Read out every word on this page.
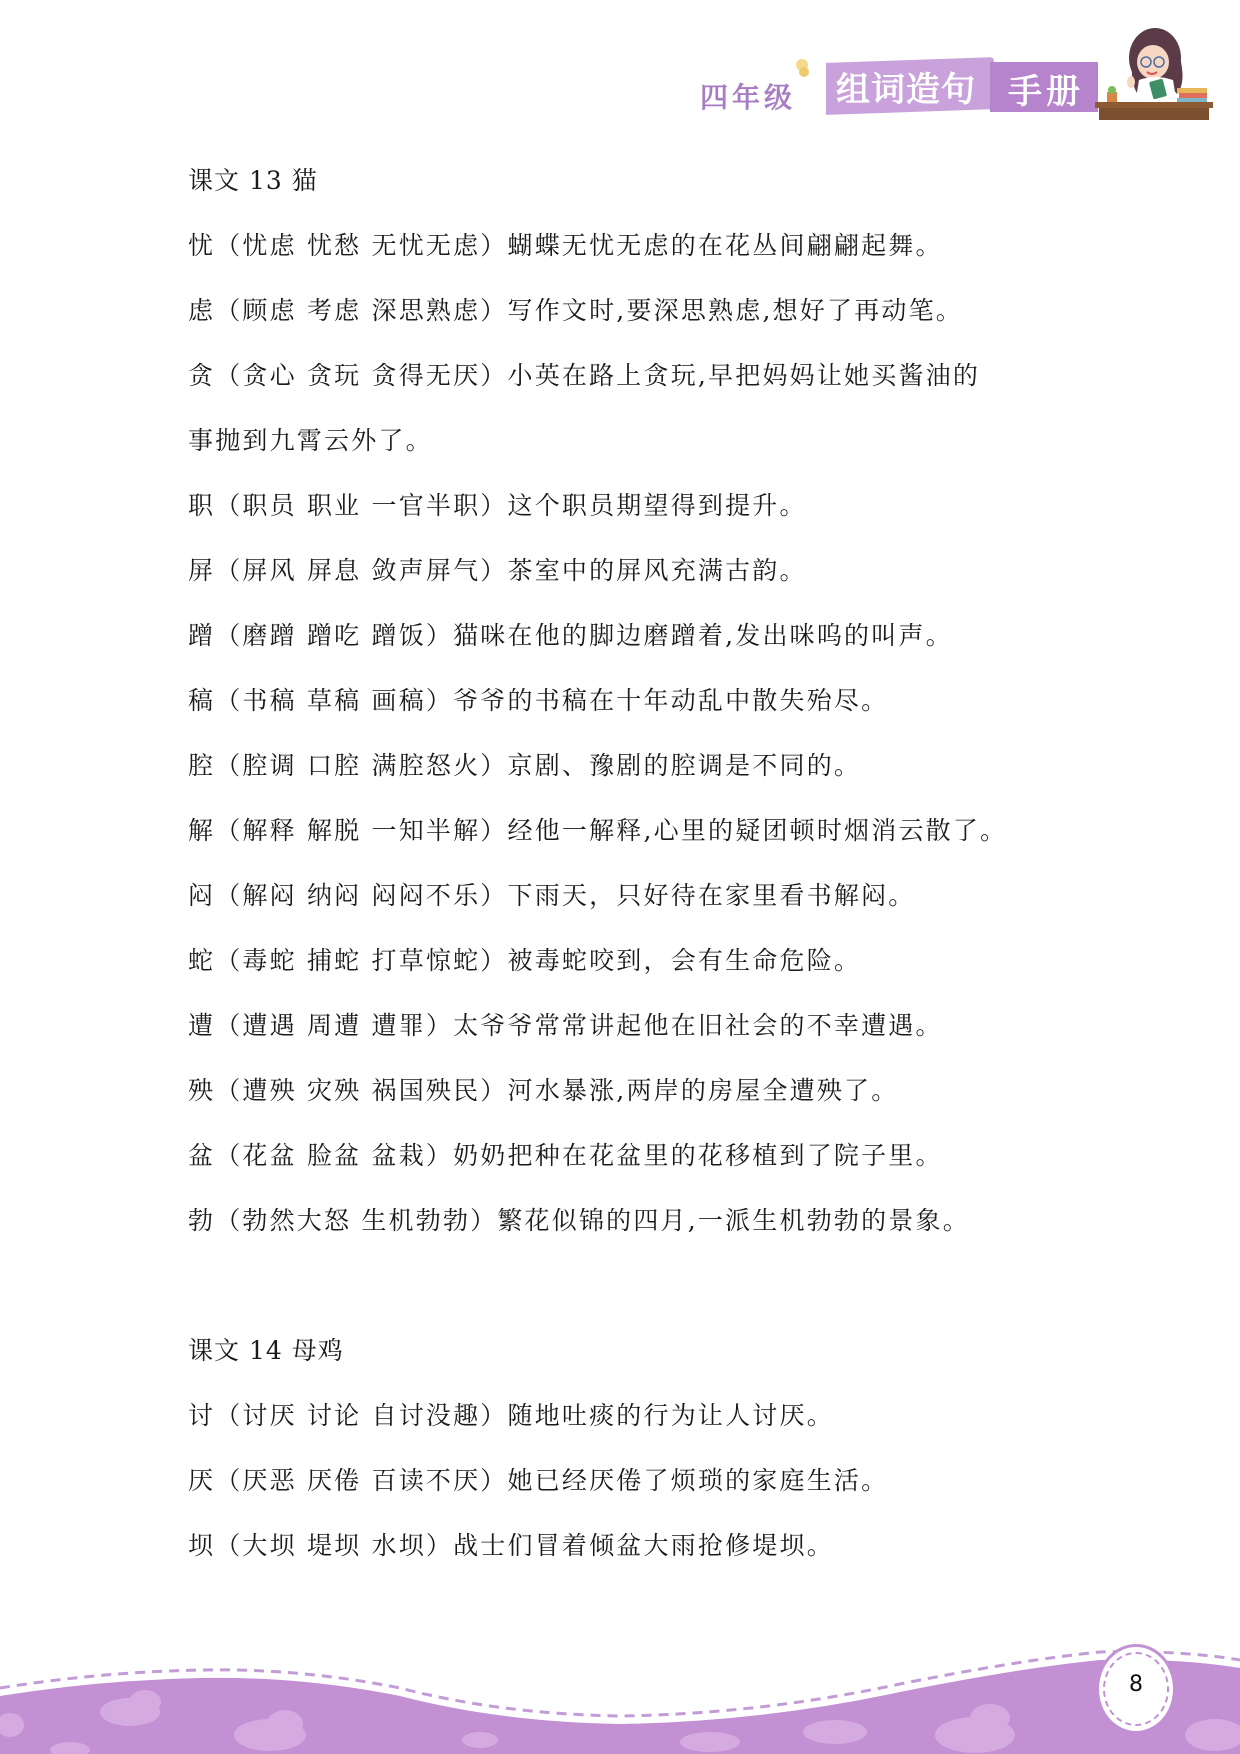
四年级 组词造句 手册
课文 13 猫
忧（忧虑 忧愁 无忧无虑）蝴蝶无忧无虑的在花丛间翩翩起舞。
虑（顾虑 考虑 深思熟虑）写作文时,要深思熟虑,想好了再动笔。
贪（贪心 贪玩 贪得无厌）小英在路上贪玩,早把妈妈让她买酱油的
事抛到九霄云外了。
职（职员 职业 一官半职）这个职员期望得到提升。
屏（屏风 屏息 敛声屏气）茶室中的屏风充满古韵。
蹭（磨蹭 蹭吃 蹭饭）猫咪在他的脚边磨蹭着,发出咪呜的叫声。
稿（书稿 草稿 画稿）爷爷的书稿在十年动乱中散失殆尽。
腔（腔调 口腔 满腔怒火）京剧、豫剧的腔调是不同的。
解（解释 解脱 一知半解）经他一解释,心里的疑团顿时烟消云散了。
闷（解闷 纳闷 闷闷不乐）下雨天，只好待在家里看书解闷。
蛇（毒蛇 捕蛇 打草惊蛇）被毒蛇咬到，会有生命危险。
遭（遭遇 周遭 遭罪）太爷爷常常讲起他在旧社会的不幸遭遇。
殃（遭殃 灾殃 祸国殃民）河水暴涨,两岸的房屋全遭殃了。
盆（花盆 脸盆 盆栽）奶奶把种在花盆里的花移植到了院子里。
勃（勃然大怒 生机勃勃）繁花似锦的四月,一派生机勃勃的景象。
课文 14 母鸡
讨（讨厌 讨论 自讨没趣）随地吐痰的行为让人讨厌。
厌（厌恶 厌倦 百读不厌）她已经厌倦了烦琐的家庭生活。
坝（大坝 堤坝 水坝）战士们冒着倾盆大雨抢修堤坝。
8
